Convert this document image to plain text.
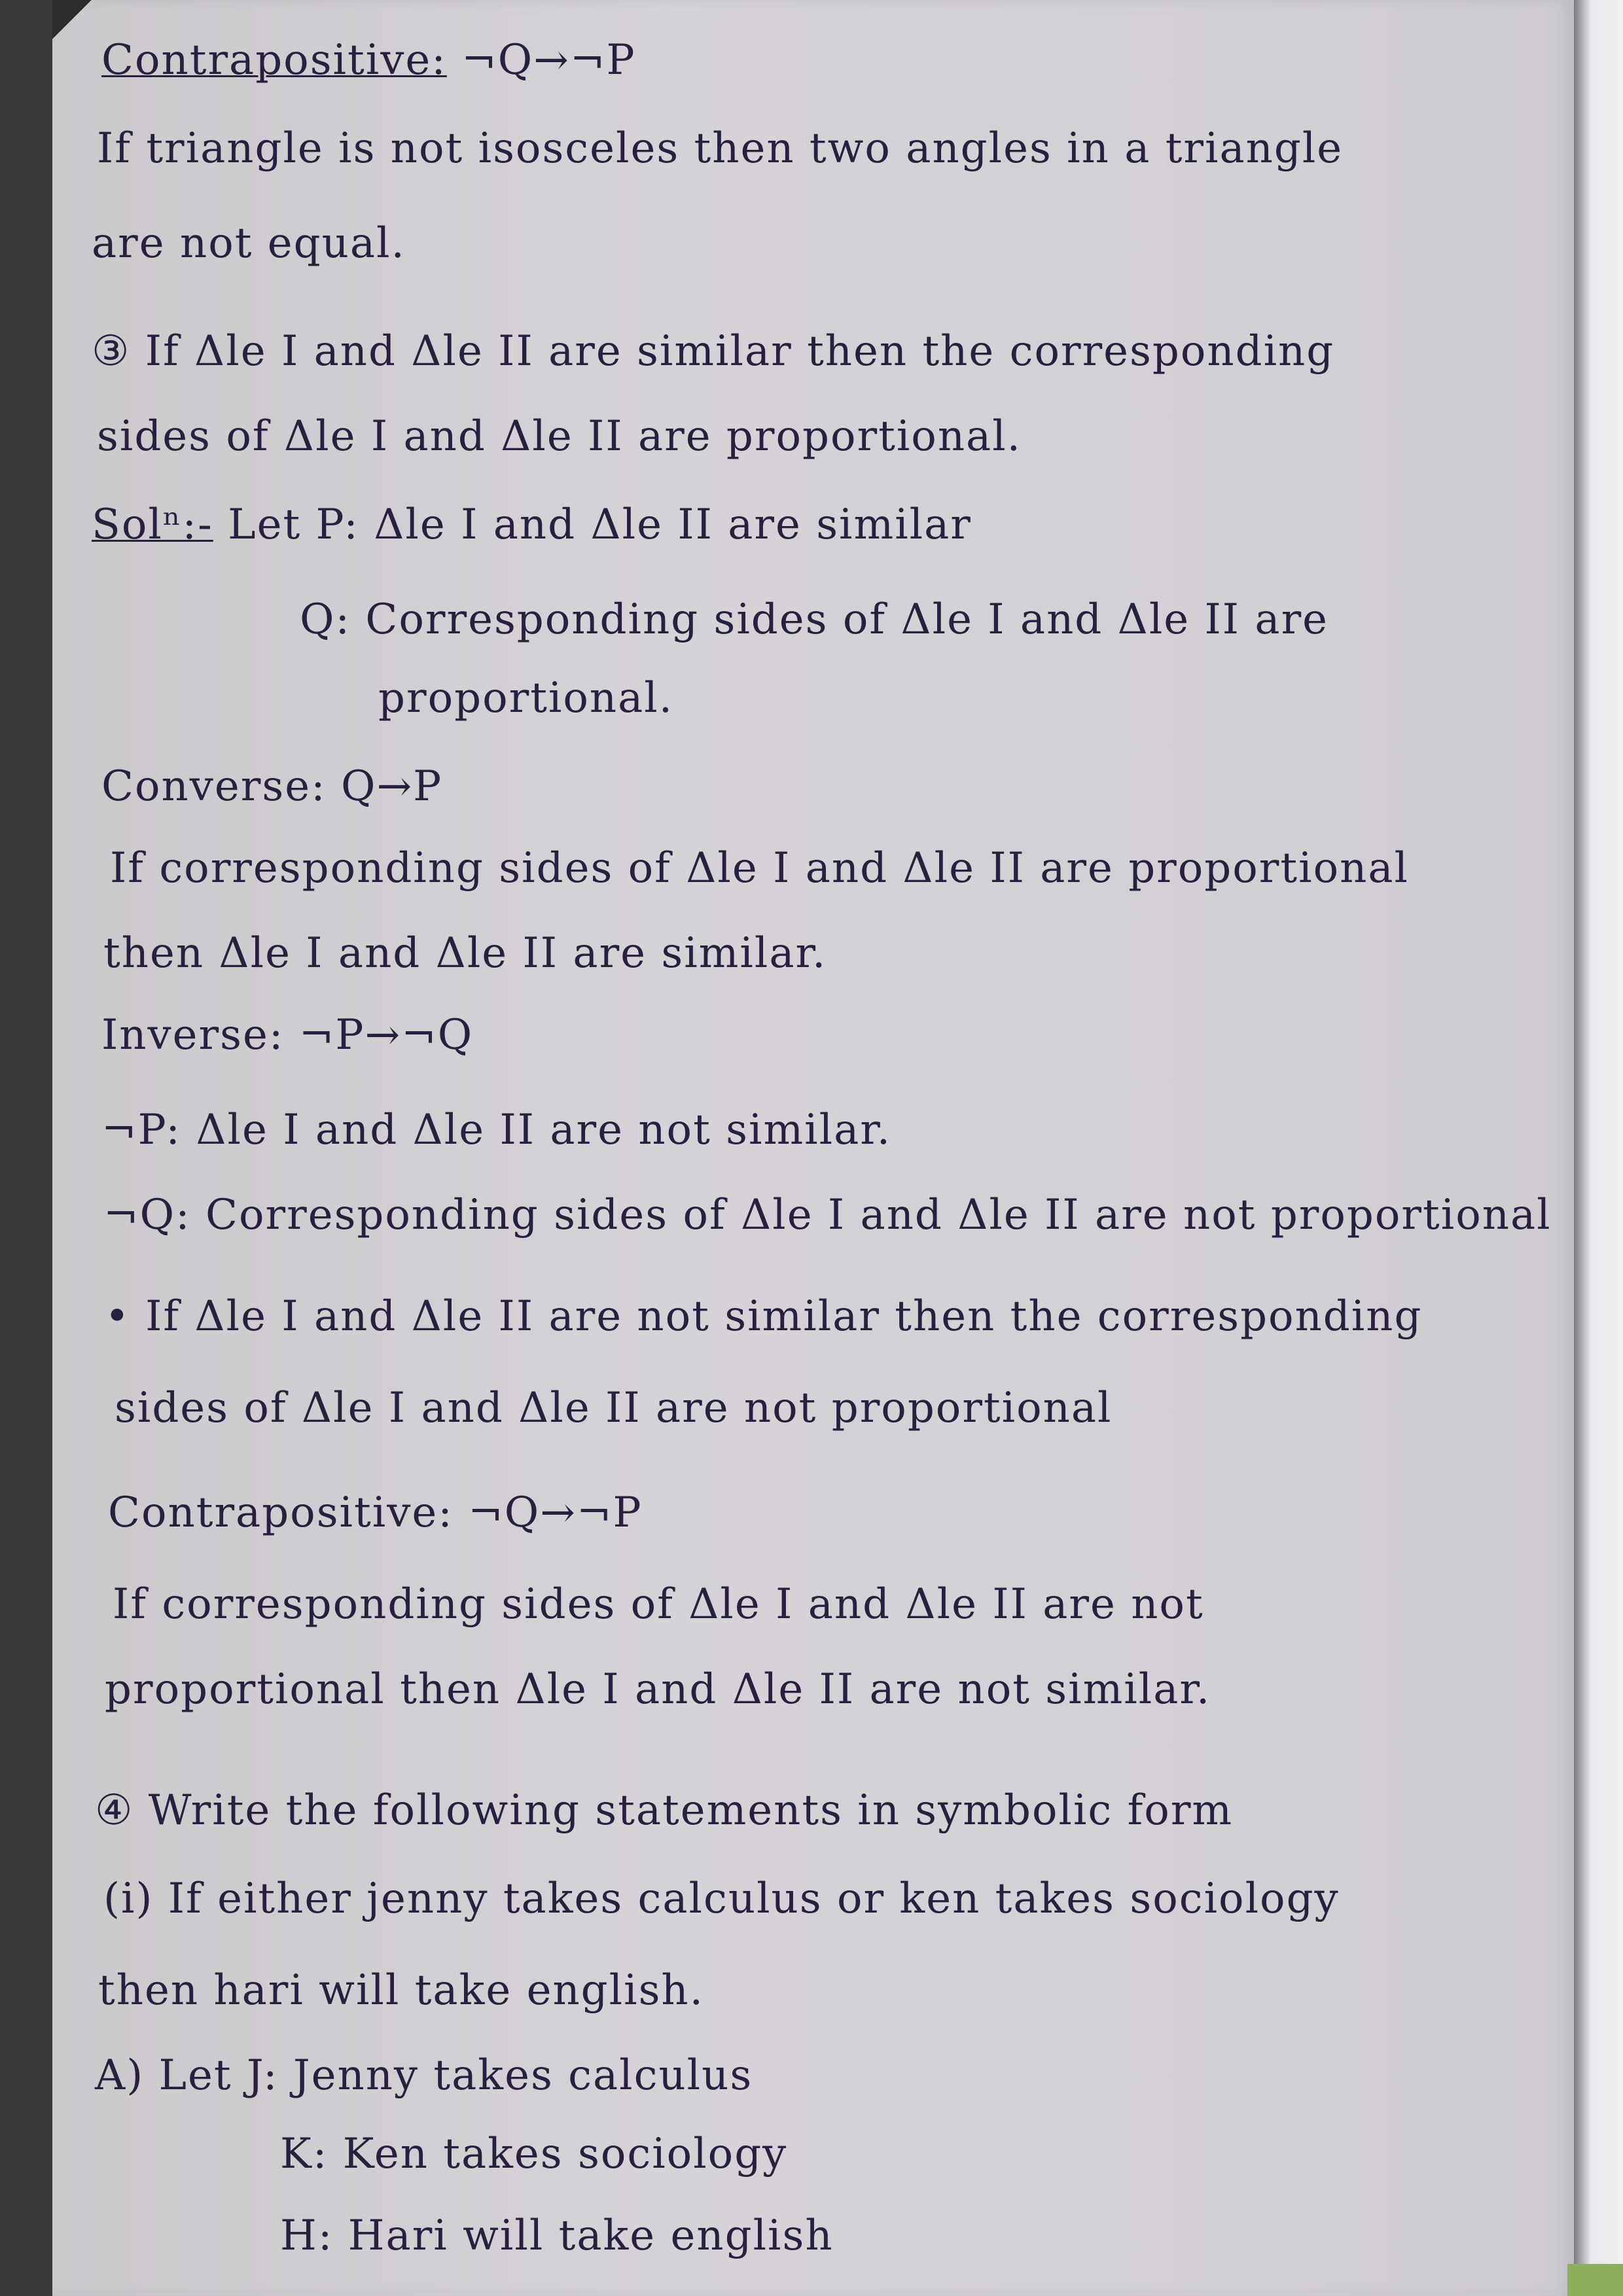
Contrapositive: ¬Q→¬P
If triangle is not isosceles then two angles in a triangle
are not equal.
③ If Δle I and Δle II are similar then the corresponding
sides of Δle I and Δle II are proportional.
Solⁿ:- Let P: Δle I and Δle II are similar
Q: Corresponding sides of Δle I and Δle II are
proportional.
Converse: Q→P
If corresponding sides of Δle I and Δle II are proportional
then Δle I and Δle II are similar.
Inverse: ¬P→¬Q
¬P: Δle I and Δle II are not similar.
¬Q: Corresponding sides of Δle I and Δle II are not proportional
• If Δle I and Δle II are not similar then the corresponding
sides of Δle I and Δle II are not proportional
Contrapositive: ¬Q→¬P
If corresponding sides of Δle I and Δle II are not
proportional then Δle I and Δle II are not similar.
④ Write the following statements in symbolic form
(i) If either jenny takes calculus or ken takes sociology
then hari will take english.
A) Let J: Jenny takes calculus
K: Ken takes sociology
H: Hari will take english
